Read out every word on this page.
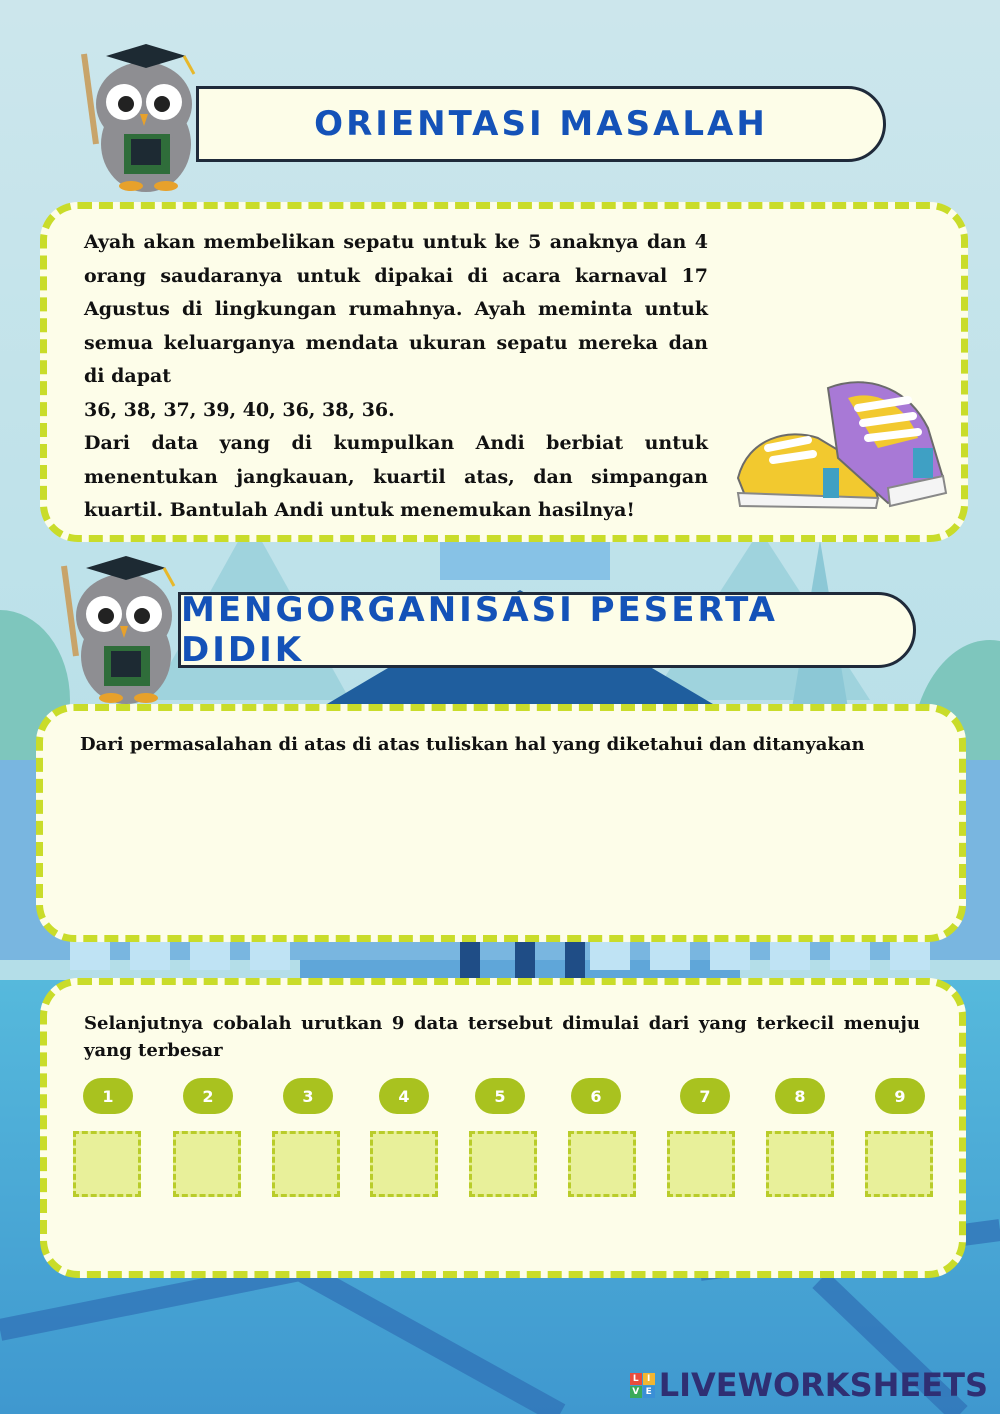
ORIENTASI MASALAH
Ayah akan membelikan sepatu untuk ke 5 anaknya dan 4 orang saudaranya untuk dipakai di acara karnaval 17 Agustus di lingkungan rumahnya. Ayah meminta untuk semua keluarganya mendata ukuran sepatu mereka dan di dapat
36, 38, 37, 39, 40, 36, 38, 36.
Dari data yang di kumpulkan Andi berbiat untuk menentukan jangkauan, kuartil atas, dan simpangan kuartil. Bantulah Andi untuk menemukan hasilnya!
MENGORGANISASI PESERTA DIDIK
Dari permasalahan di atas di atas tuliskan hal yang diketahui dan ditanyakan
Selanjutnya cobalah urutkan 9 data tersebut dimulai dari yang terkecil menuju yang terbesar
1	2	3	4	5	6	7	8	9
L I
V E LIVEWORKSHEETS
